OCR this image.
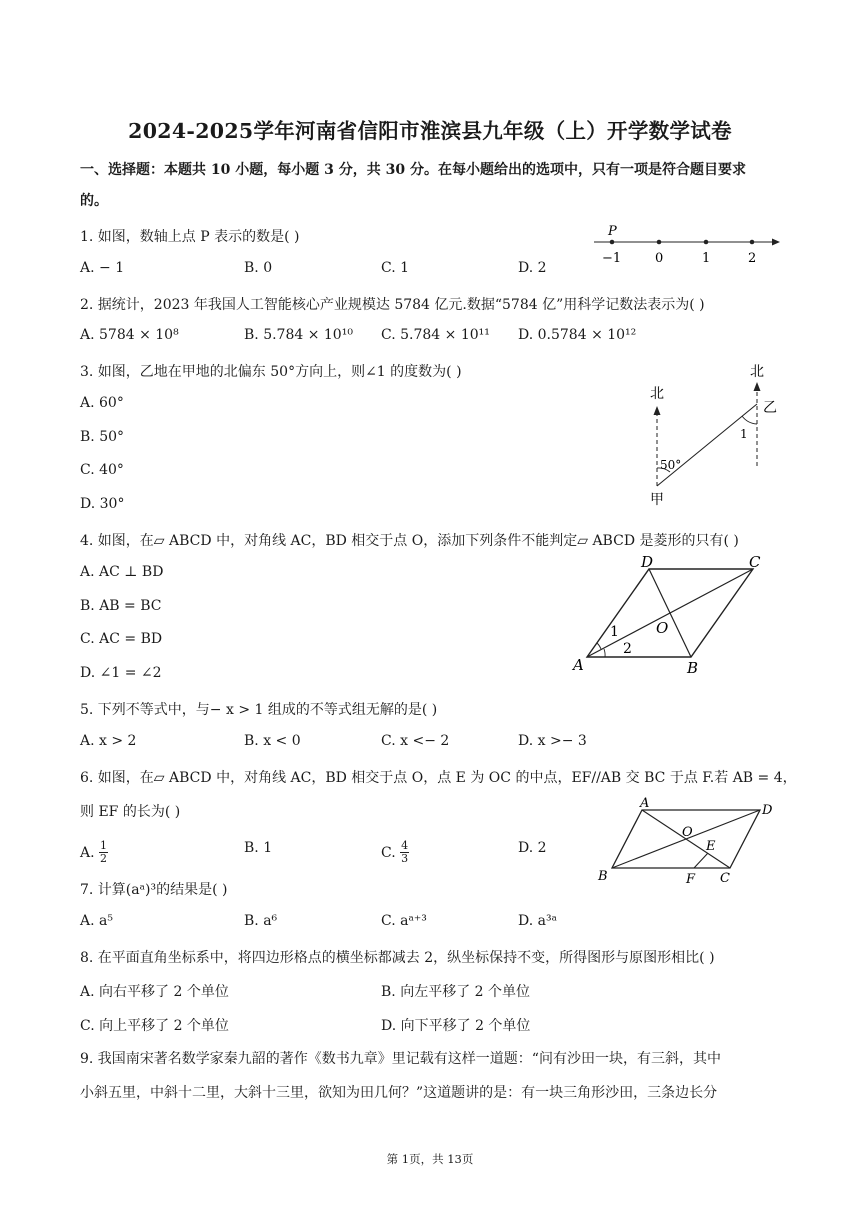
2024-2025学年河南省信阳市淮滨县九年级（上）开学数学试卷
一、选择题：本题共 10 小题，每小题 3 分，共 30 分。在每小题给出的选项中，只有一项是符合题目要求
的。
1. 如图，数轴上点 P 表示的数是( )
A. − 1	B. 0	C. 1	D. 2
P
−1	0	1	2
2. 据统计，2023 年我国人工智能核心产业规模达 5784 亿元.数据“5784 亿”用科学记数法表示为( )
A. 5784 × 10⁸	B. 5.784 × 10¹⁰ C. 5.784 × 10¹¹ D. 0.5784 × 10¹²
3. 如图，乙地在甲地的北偏东 50°方向上，则∠1 的度数为( )
A. 60°
B. 50°
C. 40°
D. 30°
北
北
乙
甲
50°
1
4. 如图，在▱ ABCD 中，对角线 AC，BD 相交于点 O，添加下列条件不能判定▱ ABCD 是菱形的只有( )
A. AC ⊥ BD
B. AB = BC
C. AC = BD
D. ∠1 = ∠2	A	B
C
D
O
1
2
5. 下列不等式中，与− x > 1 组成的不等式组无解的是( )
A. x > 2	B. x < 0	C. x <− 2	D. x >− 3
6. 如图，在▱ ABCD 中，对角线 AC，BD 相交于点 O，点 E 为 OC 的中点，EF//AB 交 BC 于点 F.若 AB = 4，
则 EF 的长为( )
A. $\frac{1}{2}$	B. 1	C. $\frac{4}{3}$	D. 2
A
B	C
D
O
E
F
7. 计算(aᵃ)³的结果是( )
A. a⁵	B. a⁶	C. aᵃ⁺³	D. a³ᵃ
8. 在平面直角坐标系中，将四边形格点的横坐标都减去 2，纵坐标保持不变，所得图形与原图形相比( )
A. 向右平移了 2 个单位	B. 向左平移了 2 个单位
C. 向上平移了 2 个单位	D. 向下平移了 2 个单位
9. 我国南宋著名数学家秦九韶的著作《数书九章》里记载有这样一道题：“问有沙田一块，有三斜，其中
小斜五里，中斜十二里，大斜十三里，欲知为田几何？”这道题讲的是：有一块三角形沙田，三条边长分
第 1页，共 13页
